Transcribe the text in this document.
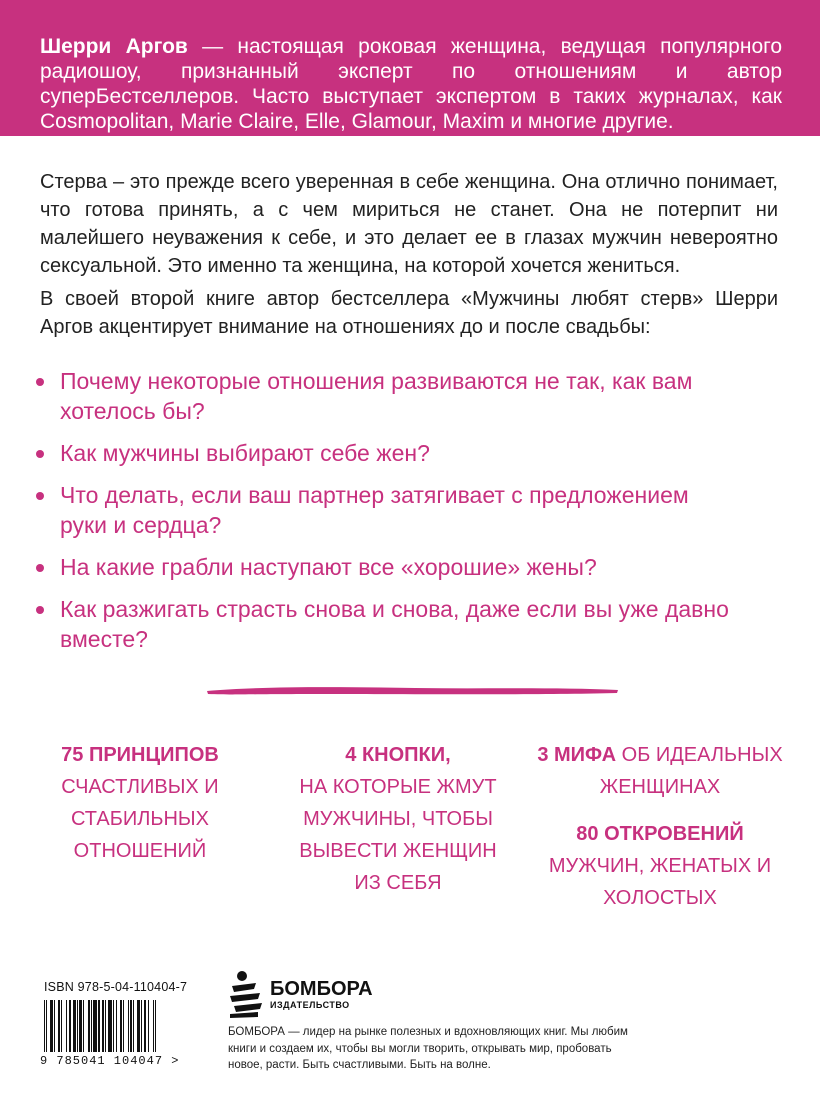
Шерри Аргов — настоящая роковая женщина, ведущая популярного радиошоу, признанный эксперт по отношениям и автор суперБестселлеров. Часто выступает экспертом в таких журналах, как Cosmopolitan, Marie Claire, Elle, Glamour, Maxim и многие другие.

Стерва – это прежде всего уверенная в себе женщина. Она отлично понимает, что готова принять, а с чем мириться не станет. Она не потерпит ни малейшего неуважения к себе, и это делает ее в глазах мужчин невероятно сексуальной. Это именно та женщина, на которой хочется жениться.

В своей второй книге автор бестселлера «Мужчины любят стерв» Шерри Аргов акцентирует внимание на отношениях до и после свадьбы:

Почему некоторые отношения развиваются не так, как вам хотелось бы?
Как мужчины выбирают себе жен?
Что делать, если ваш партнер затягивает с предложением руки и сердца?
На какие грабли наступают все «хорошие» жены?
Как разжигать страсть снова и снова, даже если вы уже давно вместе?
75 ПРИНЦИПОВ
СЧАСТЛИВЫХ И СТАБИЛЬНЫХ ОТНОШЕНИЙ
4 КНОПКИ,
НА КОТОРЫЕ ЖМУТ МУЖЧИНЫ, ЧТОБЫ ВЫВЕСТИ ЖЕНЩИН ИЗ СЕБЯ
3 МИФА ОБ ИДЕАЛЬНЫХ ЖЕНЩИНАХ
80 ОТКРОВЕНИЙ
МУЖЧИН, ЖЕНАТЫХ И ХОЛОСТЫХ
ISBN 978-5-04-110404-7
9 785041 104047 >
БОМБОРА
ИЗДАТЕЛЬСТВО

БОМБОРА — лидер на рынке полезных и вдохновляющих книг. Мы любим книги и создаем их, чтобы вы могли творить, открывать мир, пробовать новое, расти. Быть счастливыми. Быть на волне.
